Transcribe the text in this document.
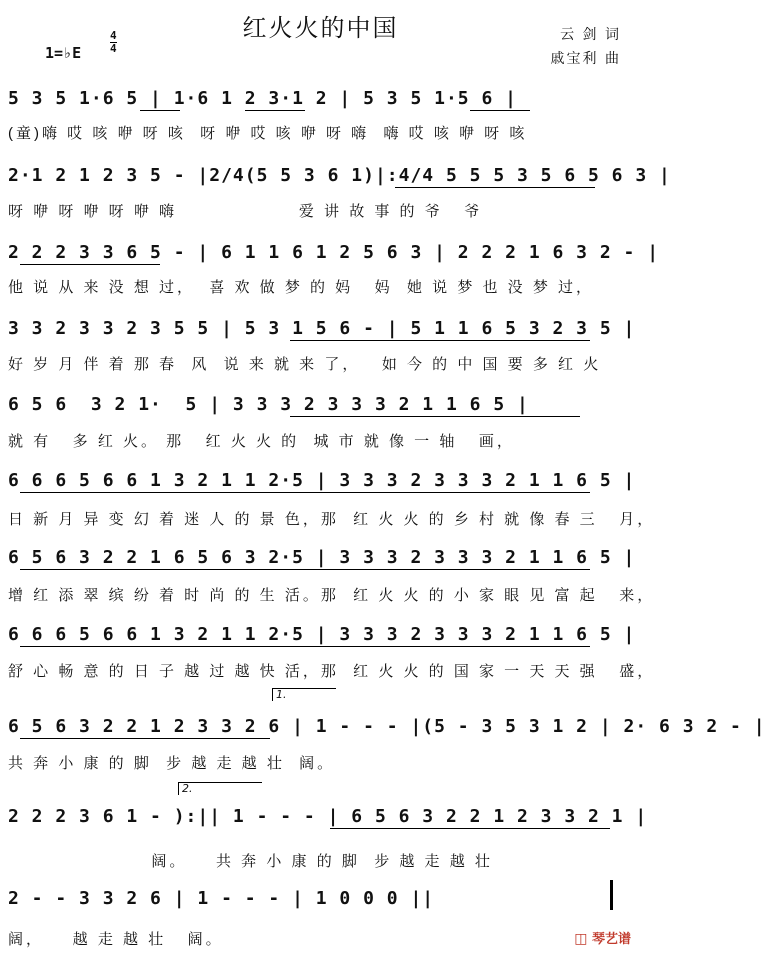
红火火的中国	云 剑 词
戚宝利 曲
1=♭E
4
4
5 3 5 1·6 5 | 1·6 1 2 3·1 2 | 5 3 5 1·5 6 |
(童)嗨 哎 咳 咿 呀 咳  呀 咿 哎 咳 咿 呀 嗨  嗨 哎 咳 咿 呀 咳
2·1 2 1 2 3 5 - |2/4(5 5 3 6 1)|:4/4 5 5 5 3 5 6 5 6 3 |
呀 咿 呀 咿 呀 咿 嗨                 爱 讲 故 事 的 爷   爷
2 2 2 3 3 6 5 - | 6 1 1 6 1 2 5 6 3 | 2 2 2 1 6 3 2 - |
他 说 从 来 没 想 过，  喜 欢 做 梦 的 妈   妈  她 说 梦 也 没 梦 过，
3 3 2 3 3 2 3 5 5 | 5 3 1 5 6 - | 5 1 1 6 5 3 2 3 5 |
好 岁 月 伴 着 那 春  风  说 来 就 来 了，   如 今 的 中 国 要 多 红 火
6 5 6  3 2 1·  5 | 3 3 3 2 3 3 3 2 1 1 6 5 |
就 有   多 红 火。 那   红 火 火 的  城 市 就 像 一 轴   画，
6 6 6 5 6 6 1 3 2 1 1 2·5 | 3 3 3 2 3 3 3 2 1 1 6 5 |
日 新 月 异 变 幻 着 迷 人 的 景 色，那  红 火 火 的 乡 村 就 像 春 三   月，
6 5 6 3 2 2 1 6 5 6 3 2·5 | 3 3 3 2 3 3 3 2 1 1 6 5 |
增 红 添 翠 缤 纷 着 时 尚 的 生 活。那  红 火 火 的 小 家 眼 见 富 起   来，
6 6 6 5 6 6 1 3 2 1 1 2·5 | 3 3 3 2 3 3 3 2 1 1 6 5 |
舒 心 畅 意 的 日 子 越 过 越 快 活，那  红 火 火 的 国 家 一 天 天 强   盛，
1.
6 5 6 3 2 2 1 2 3 3 2 6 | 1 - - - |(5 - 3 5 3 1 2 | 2· 6 3 2 - |
共 奔 小 康 的 脚  步 越 走 越 壮  阔。
2.
2 2 2 3 6 1 - ):|| 1 - - - | 6 5 6 3 2 2 1 2 3 3 2 1 |
阔。    共 奔 小 康 的 脚  步 越 走 越 壮
2 - - 3 3 2 6 | 1 - - - | 1 0 0 0 ||
阔，    越 走 越 壮   阔。	◫ 琴艺谱
